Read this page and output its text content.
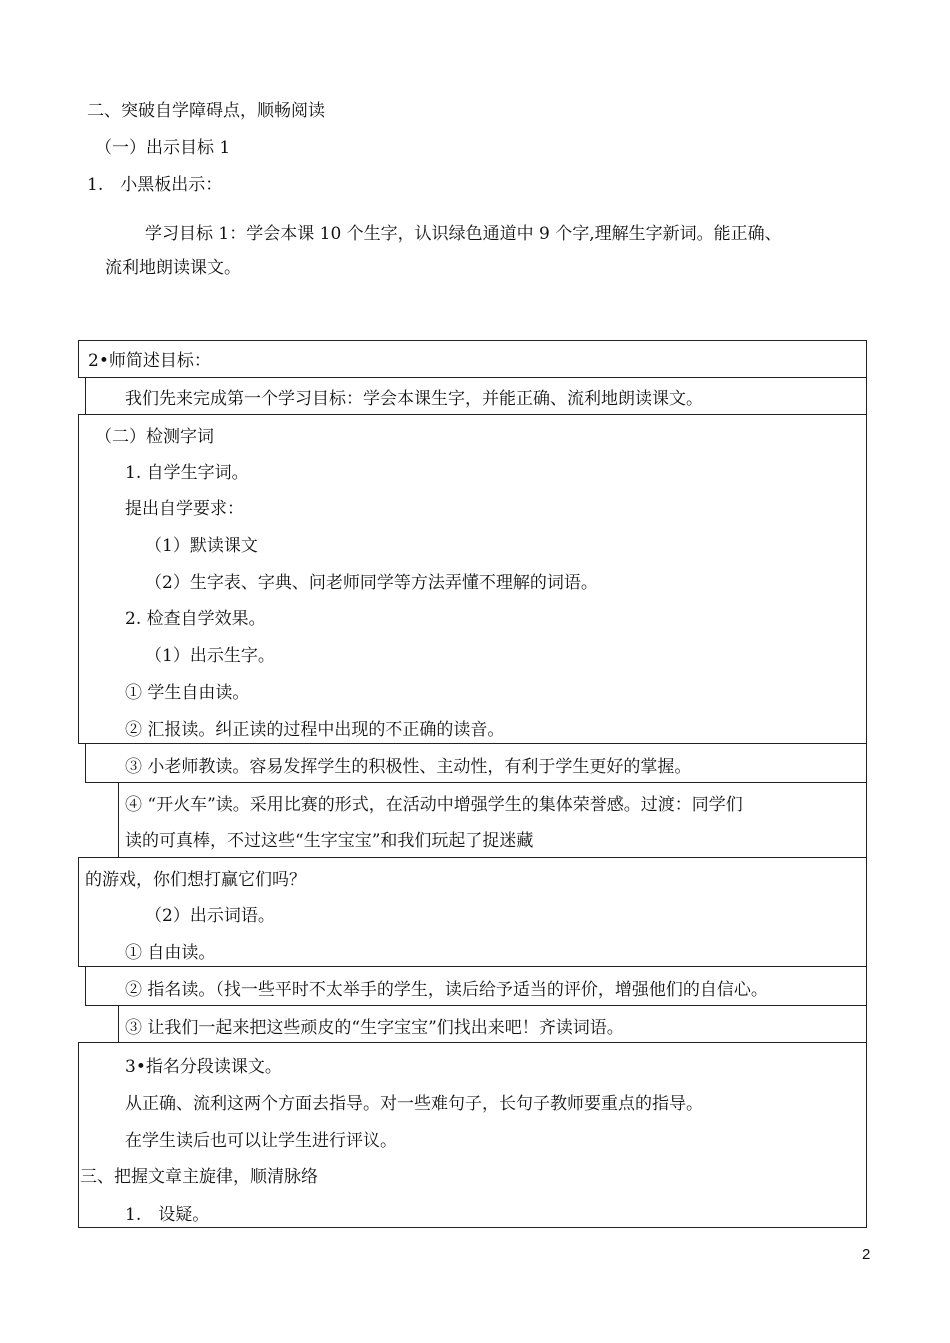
二、突破自学障碍点，顺畅阅读
（一）出示目标 1
1.　小黑板出示：
学习目标 1：学会本课 10 个生字，认识绿色通道中 9 个字,理解生字新词。能正确、
流利地朗读课文。
2•师简述目标：
我们先来完成第一个学习目标：学会本课生字，并能正确、流利地朗读课文。
（二）检测字词
1. 自学生字词。
提出自学要求：
（1）默读课文
（2）生字表、字典、问老师同学等方法弄懂不理解的词语。
2. 检查自学效果。
（1）出示生字。
① 学生自由读。
② 汇报读。纠正读的过程中出现的不正确的读音。
③ 小老师教读。容易发挥学生的积极性、主动性，有利于学生更好的掌握。
④ “开火车”读。采用比赛的形式，在活动中增强学生的集体荣誉感。过渡：同学们
读的可真棒，不过这些“生字宝宝”和我们玩起了捉迷藏
的游戏，你们想打赢它们吗？
（2）出示词语。
① 自由读。
② 指名读。（找一些平时不太举手的学生，读后给予适当的评价，增强他们的自信心。
③ 让我们一起来把这些顽皮的“生字宝宝”们找出来吧！齐读词语。
3•指名分段读课文。
从正确、流利这两个方面去指导。对一些难句子，长句子教师要重点的指导。
在学生读后也可以让学生进行评议。
三、把握文章主旋律，顺清脉络
1.　设疑。
2
